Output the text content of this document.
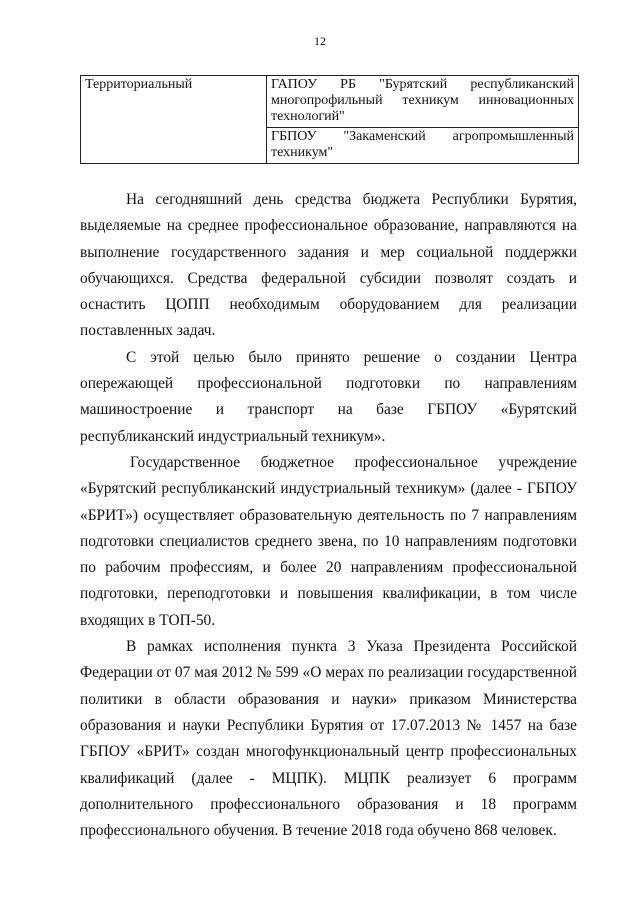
12
Территориальный	ГАПОУ РБ "Бурятский республиканский многопрофильный техникум инновационных технологий"
ГБПОУ "Закаменский агропромышленный техникум"

На сегодняшний день средства бюджета Республики Бурятия, выделяемые на среднее профессиональное образование, направляются на выполнение государственного задания и мер социальной поддержки обучающихся. Средства федеральной субсидии позволят создать и оснастить ЦОПП необходимым оборудованием для реализации поставленных задач.

С этой целью было принято решение о создании Центра опережающей профессиональной подготовки по направлениям машиностроение и транспорт на базе ГБПОУ «Бурятский республиканский индустриальный техникум».

Государственное бюджетное профессиональное учреждение «Бурятский республиканский индустриальный техникум» (далее - ГБПОУ «БРИТ») осуществляет образовательную деятельность по 7 направлениям подготовки специалистов среднего звена, по 10 направлениям подготовки по рабочим профессиям, и более 20 направлениям профессиональной подготовки, переподготовки и повышения квалификации, в том числе входящих в ТОП-50.

В рамках исполнения пункта 3 Указа Президента Российской Федерации от 07 мая 2012 № 599 «О мерах по реализации государственной политики в области образования и науки» приказом Министерства образования и науки Республики Бурятия от 17.07.2013 № 1457 на базе ГБПОУ «БРИТ» создан многофункциональный центр профессиональных квалификаций (далее - МЦПК). МЦПК реализует 6 программ дополнительного профессионального образования и 18 программ профессионального обучения. В течение 2018 года обучено 868 человек.
